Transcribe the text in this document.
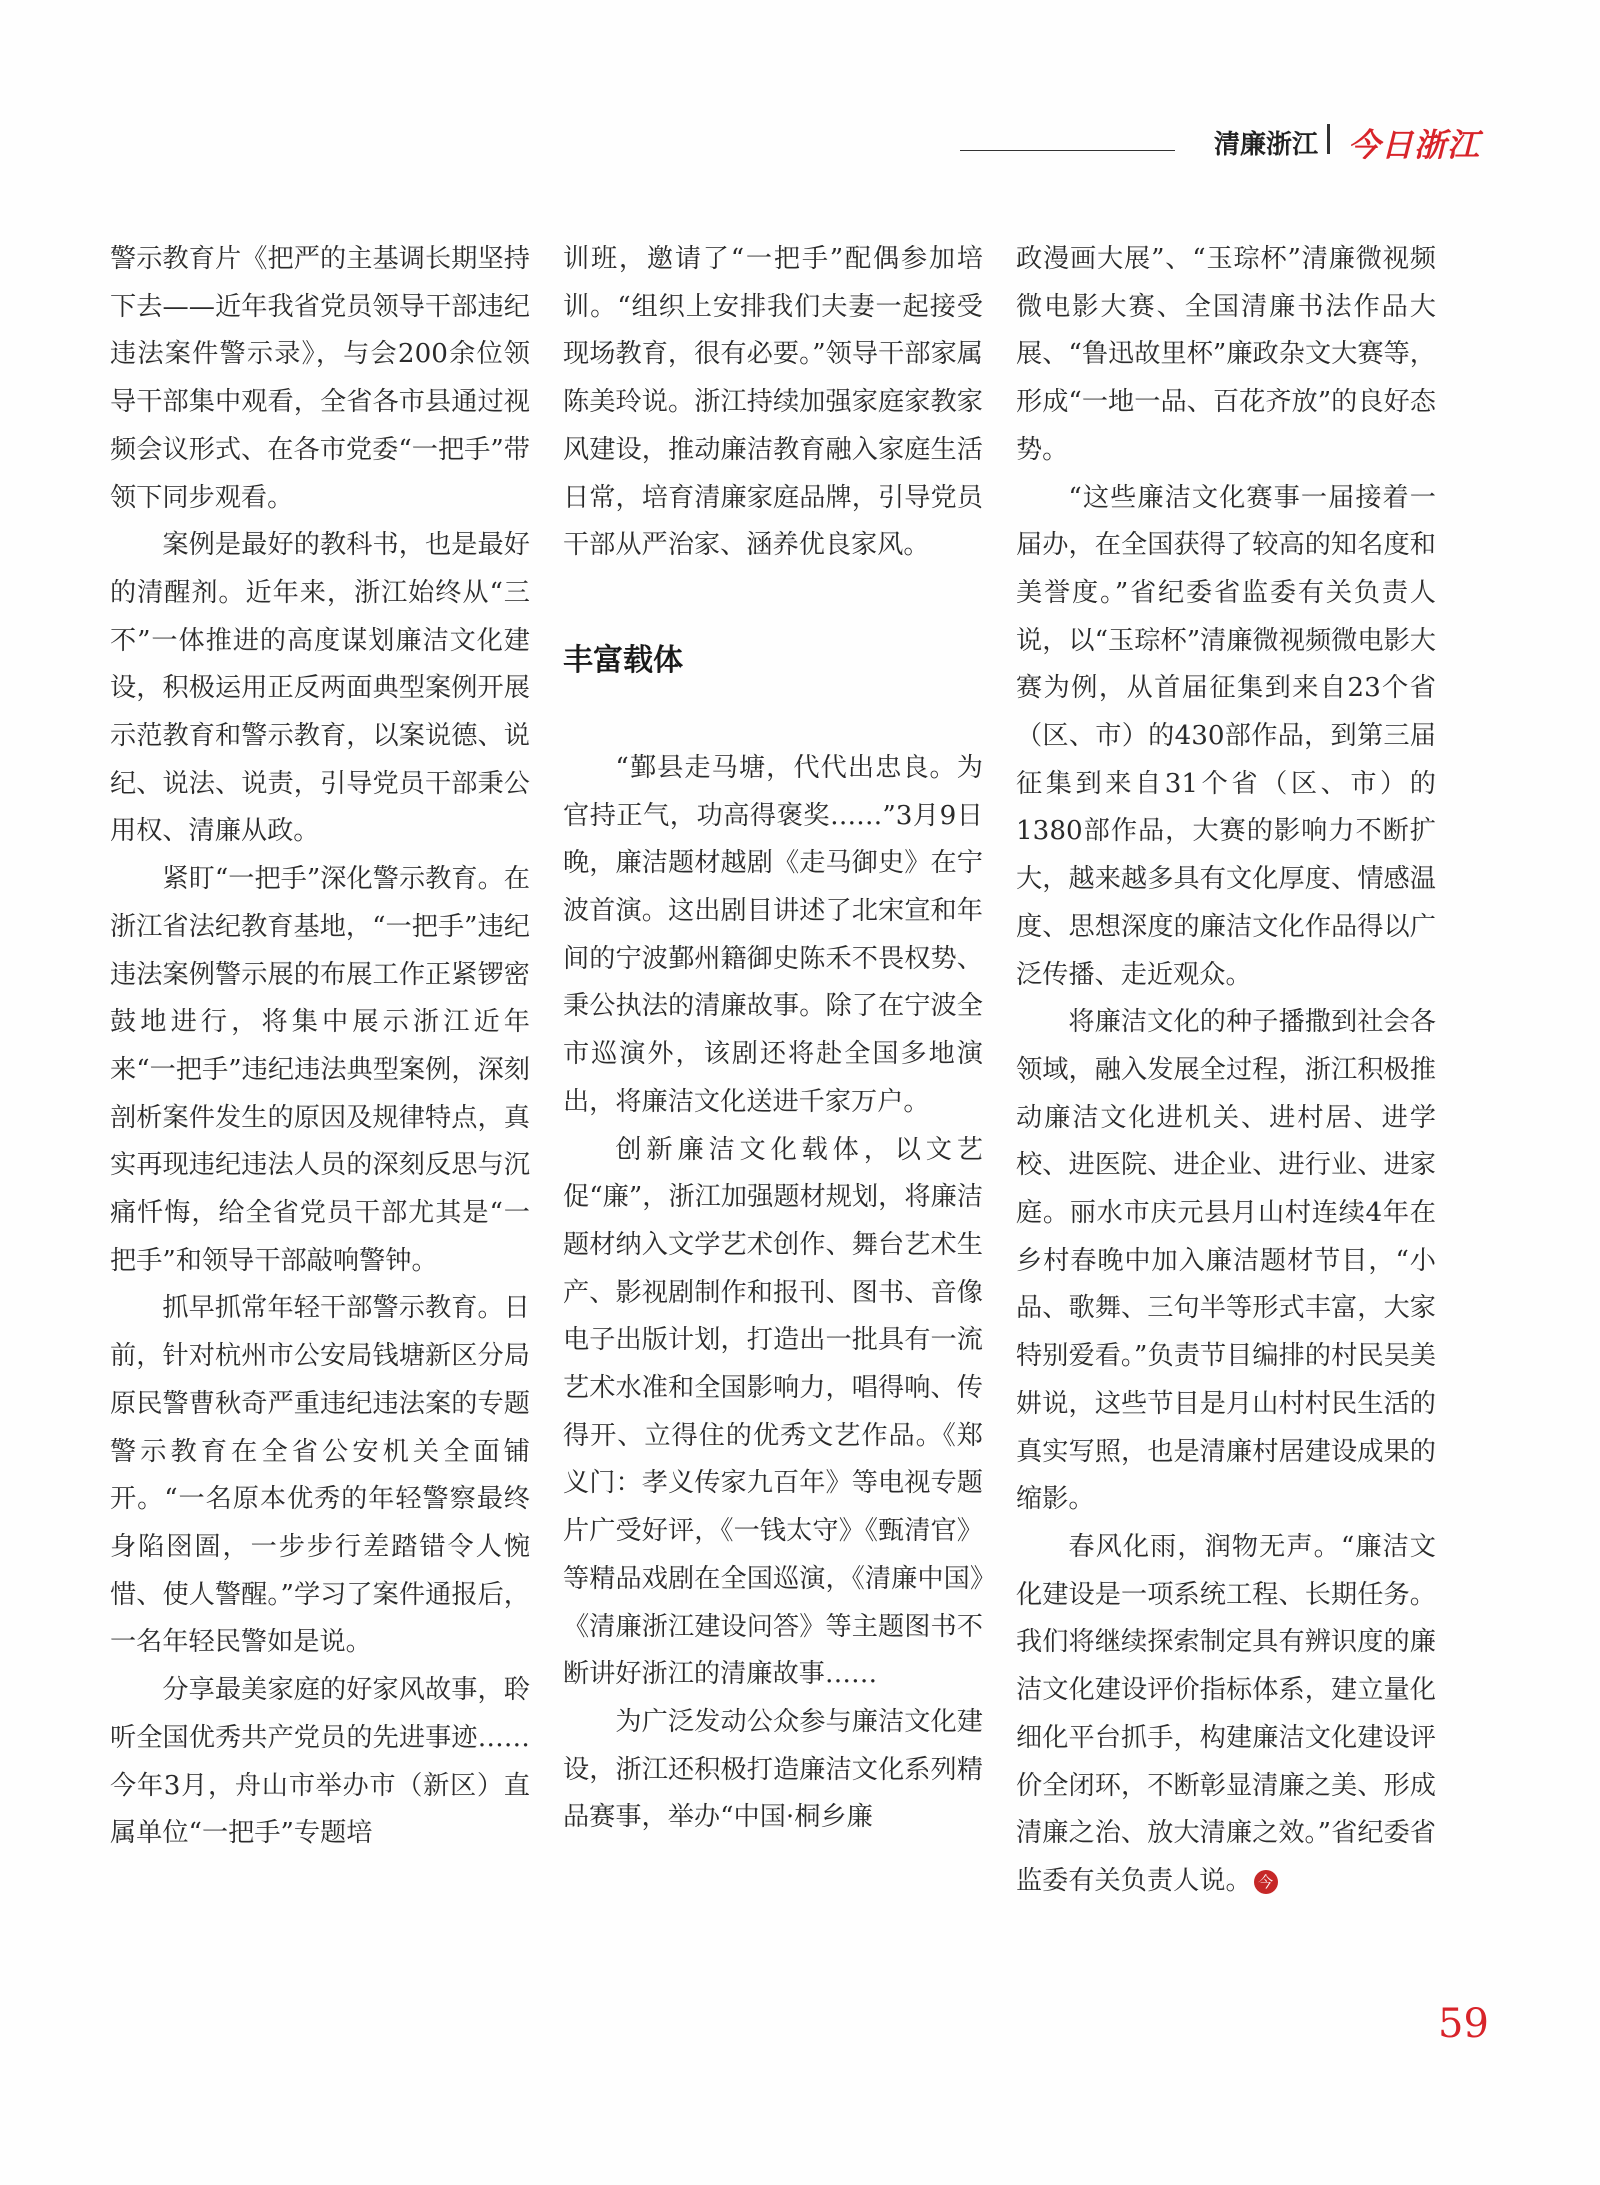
清廉浙江 今日浙江

警示教育片《把严的主基调长期坚持下去——近年我省党员领导干部违纪违法案件警示录》，与会200余位领导干部集中观看，全省各市县通过视频会议形式、在各市党委“一把手”带领下同步观看。

案例是最好的教科书，也是最好的清醒剂。近年来，浙江始终从“三不”一体推进的高度谋划廉洁文化建设，积极运用正反两面典型案例开展示范教育和警示教育，以案说德、说纪、说法、说责，引导党员干部秉公用权、清廉从政。

紧盯“一把手”深化警示教育。在浙江省法纪教育基地，“一把手”违纪违法案例警示展的布展工作正紧锣密鼓地进行，将集中展示浙江近年来“一把手”违纪违法典型案例，深刻剖析案件发生的原因及规律特点，真实再现违纪违法人员的深刻反思与沉痛忏悔，给全省党员干部尤其是“一把手”和领导干部敲响警钟。

抓早抓常年轻干部警示教育。日前，针对杭州市公安局钱塘新区分局原民警曹秋奇严重违纪违法案的专题警示教育在全省公安机关全面铺开。“一名原本优秀的年轻警察最终身陷囹圄，一步步行差踏错令人惋惜、使人警醒。”学习了案件通报后，一名年轻民警如是说。

分享最美家庭的好家风故事，聆听全国优秀共产党员的先进事迹……今年3月，舟山市举办市（新区）直属单位“一把手”专题培

训班，邀请了“一把手”配偶参加培训。“组织上安排我们夫妻一起接受现场教育，很有必要。”领导干部家属陈美玲说。浙江持续加强家庭家教家风建设，推动廉洁教育融入家庭生活日常，培育清廉家庭品牌，引导党员干部从严治家、涵养优良家风。

丰富载体

“鄞县走马塘，代代出忠良。为官持正气，功高得褒奖……”3月9日晚，廉洁题材越剧《走马御史》在宁波首演。这出剧目讲述了北宋宣和年间的宁波鄞州籍御史陈禾不畏权势、秉公执法的清廉故事。除了在宁波全市巡演外，该剧还将赴全国多地演出，将廉洁文化送进千家万户。

创新廉洁文化载体，以文艺促“廉”，浙江加强题材规划，将廉洁题材纳入文学艺术创作、舞台艺术生产、影视剧制作和报刊、图书、音像电子出版计划，打造出一批具有一流艺术水准和全国影响力，唱得响、传得开、立得住的优秀文艺作品。《郑义门：孝义传家九百年》等电视专题片广受好评，《一钱太守》《甄清官》等精品戏剧在全国巡演，《清廉中国》《清廉浙江建设问答》等主题图书不断讲好浙江的清廉故事……

为广泛发动公众参与廉洁文化建设，浙江还积极打造廉洁文化系列精品赛事，举办“中国·桐乡廉

政漫画大展”、“玉琮杯”清廉微视频微电影大赛、全国清廉书法作品大展、“鲁迅故里杯”廉政杂文大赛等，形成“一地一品、百花齐放”的良好态势。

“这些廉洁文化赛事一届接着一届办，在全国获得了较高的知名度和美誉度。”省纪委省监委有关负责人说，以“玉琮杯”清廉微视频微电影大赛为例，从首届征集到来自23个省（区、市）的430部作品，到第三届征集到来自31个省（区、市）的1380部作品，大赛的影响力不断扩大，越来越多具有文化厚度、情感温度、思想深度的廉洁文化作品得以广泛传播、走近观众。

将廉洁文化的种子播撒到社会各领域，融入发展全过程，浙江积极推动廉洁文化进机关、进村居、进学校、进医院、进企业、进行业、进家庭。丽水市庆元县月山村连续4年在乡村春晚中加入廉洁题材节目，“小品、歌舞、三句半等形式丰富，大家特别爱看。”负责节目编排的村民吴美妌说，这些节目是月山村村民生活的真实写照，也是清廉村居建设成果的缩影。

春风化雨，润物无声。“廉洁文化建设是一项系统工程、长期任务。我们将继续探索制定具有辨识度的廉洁文化建设评价指标体系，建立量化细化平台抓手，构建廉洁文化建设评价全闭环，不断彰显清廉之美、形成清廉之治、放大清廉之效。”省纪委省监委有关负责人说。 今

59
